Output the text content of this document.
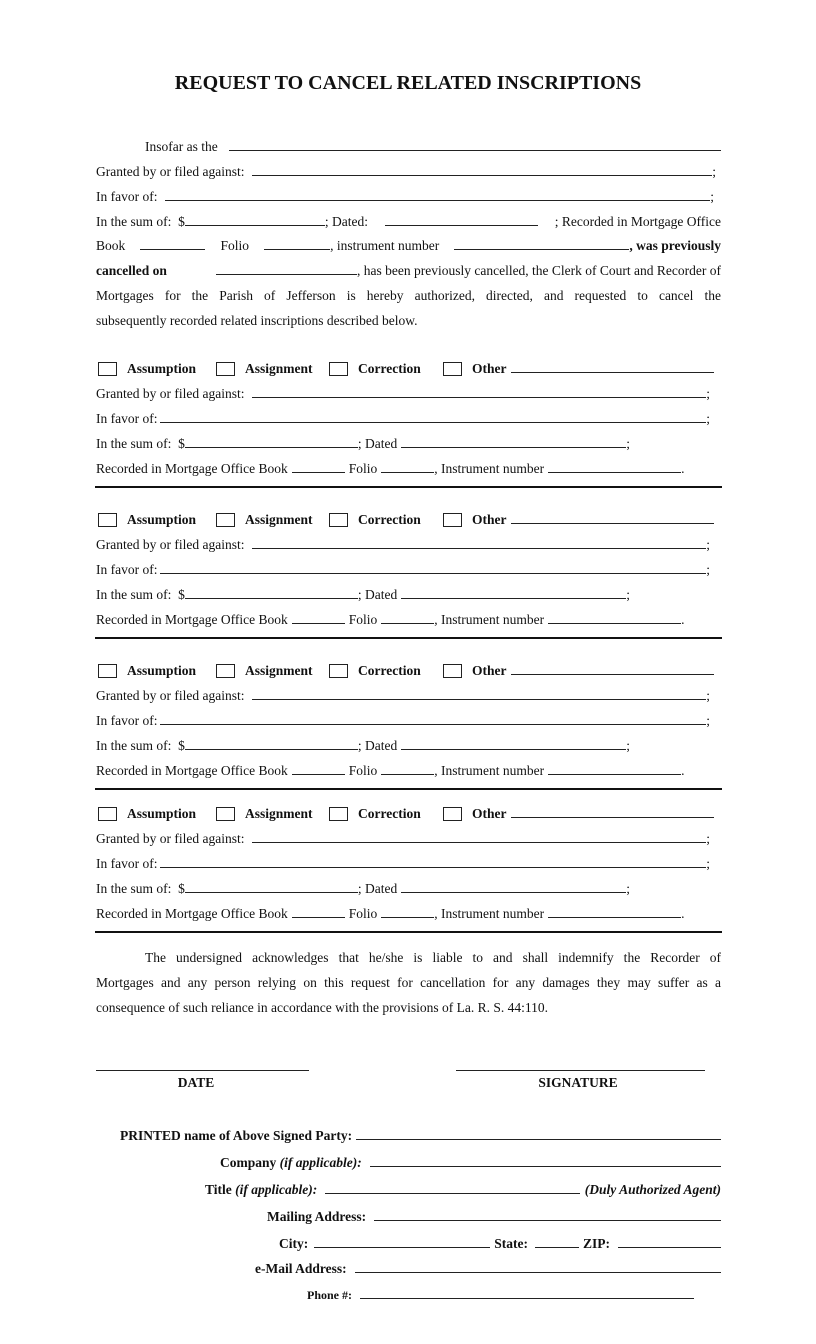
REQUEST TO CANCEL RELATED INSCRIPTIONS
Insofar as the

Granted by or filed against:	;
In favor of:	;
In the sum of:  $	; Dated:	; Recorded in Mortgage Office
Book	Folio	, instrument number	, was previously
cancelled on	, has been previously cancelled, the Clerk of Court and Recorder of
Mortgages for the Parish of Jefferson is hereby authorized, directed, and requested to cancel the
subsequently recorded related inscriptions described below.
Assumption	Assignment	Correction	Other
Granted by or filed against:	;
In favor of:	;
In the sum of:  $	; Dated	;
Recorded in Mortgage Office Book	Folio	, Instrument number	.
Assumption	Assignment	Correction	Other
Granted by or filed against:	;
In favor of:	;
In the sum of:  $	; Dated	;
Recorded in Mortgage Office Book	Folio	, Instrument number	.
Assumption	Assignment	Correction	Other
Granted by or filed against:	;
In favor of:	;
In the sum of:  $	; Dated	;
Recorded in Mortgage Office Book	Folio	, Instrument number	.
Assumption	Assignment	Correction	Other
Granted by or filed against:	;
In favor of:	;
In the sum of:  $	; Dated	;
Recorded in Mortgage Office Book	Folio	, Instrument number	.
The undersigned acknowledges that he/she is liable to and shall indemnify the Recorder of
Mortgages and any person relying on this request for cancellation for any damages they may suffer as a
consequence of such reliance in accordance with the provisions of La. R. S. 44:110.
DATE	SIGNATURE
PRINTED name of Above Signed Party:
Company
(if applicable):
Title
(if applicable):	(Duly Authorized Agent)
Mailing Address:
City:	State:	ZIP:
e-Mail Address:
Phone #:
